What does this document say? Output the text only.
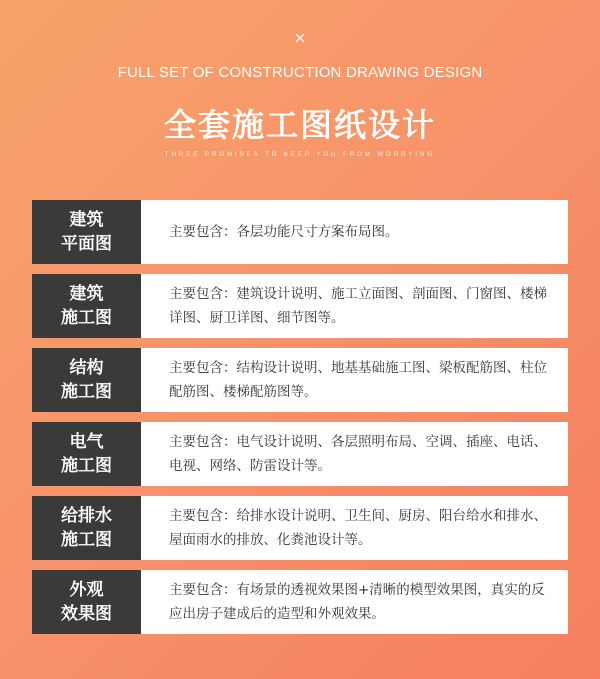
×
FULL SET OF CONSTRUCTION DRAWING DESIGN
全套施工图纸设计
THREE PROMISES TO KEEP YOU FROM WORRYING
建筑
平面图
主要包含：各层功能尺寸方案布局图。
建筑
施工图
主要包含：建筑设计说明、施工立面图、剖面图、门窗图、楼梯详图、厨卫详图、细节图等。
结构
施工图
主要包含：结构设计说明、地基基础施工图、梁板配筋图、柱位配筋图、楼梯配筋图等。
电气
施工图
主要包含：电气设计说明、各层照明布局、空调、插座、电话、电视、网络、防雷设计等。
给排水
施工图
主要包含：给排水设计说明、卫生间、厨房、阳台给水和排水、屋面雨水的排放、化粪池设计等。
外观
效果图
主要包含：有场景的透视效果图+清晰的模型效果图，真实的反应出房子建成后的造型和外观效果。
